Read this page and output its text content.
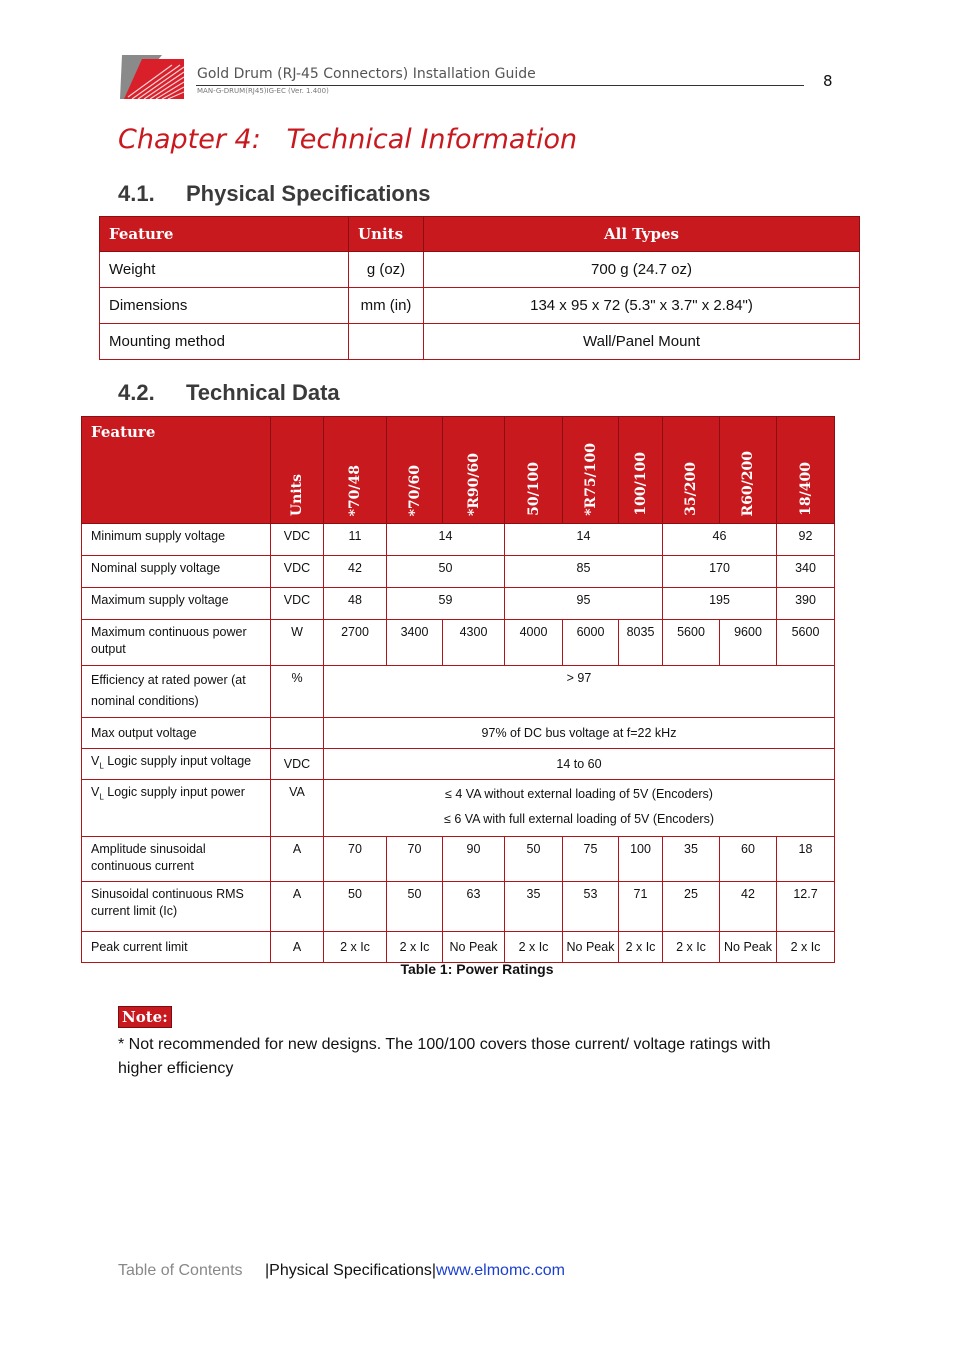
Gold Drum (RJ-45 Connectors) Installation Guide
MAN-G-DRUM(RJ45)IG-EC (Ver. 1.400)
8
Chapter 4:   Technical Information
4.1. Physical Specifications
Feature	Units	All Types
Weight	g (oz)	700 g (24.7 oz)
Dimensions	mm (in)	134 x 95 x 72 (5.3" x 3.7" x 2.84")
Mounting method		Wall/Panel Mount
4.2. Technical Data
Feature	Units	*70/48	*70/60	*R90/60	50/100	*R75/100	100/100	35/200	R60/200	18/400
Minimum supply voltage	VDC	11	14		14			46		92
Nominal supply voltage	VDC	42	50		85			170		340
Maximum supply voltage	VDC	48	59		95			195		390
Maximum continuous power output	W	2700	3400	4300	4000	6000	8035	5600	9600	5600
Efficiency at rated power (at nominal conditions)	%	> 97								
Max output voltage		97% of DC bus voltage at f=22 kHz								
$V_L$ Logic supply input voltage	VDC	14 to 60								
$V_L$ Logic supply input power	VA	≤ 4 VA without external loading of 5V (Encoders)
≤ 6 VA with full external loading of 5V (Encoders)								

Amplitude sinusoidal continuous current	A	70	70	90	50	75	100	35	60	18
Sinusoidal continuous RMS current limit (Ic)	A	50	50	63	35	53	71	25	42	12.7
Peak current limit	A	2 x Ic	2 x Ic	No Peak	2 x Ic	No Peak	2 x Ic	2 x Ic	No Peak	2 x Ic
Table 1: Power Ratings
Note:
* Not recommended for new designs. The 100/100 covers those current/ voltage ratings with higher efficiency
Table of Contents |Physical Specifications|www.elmomc.com
